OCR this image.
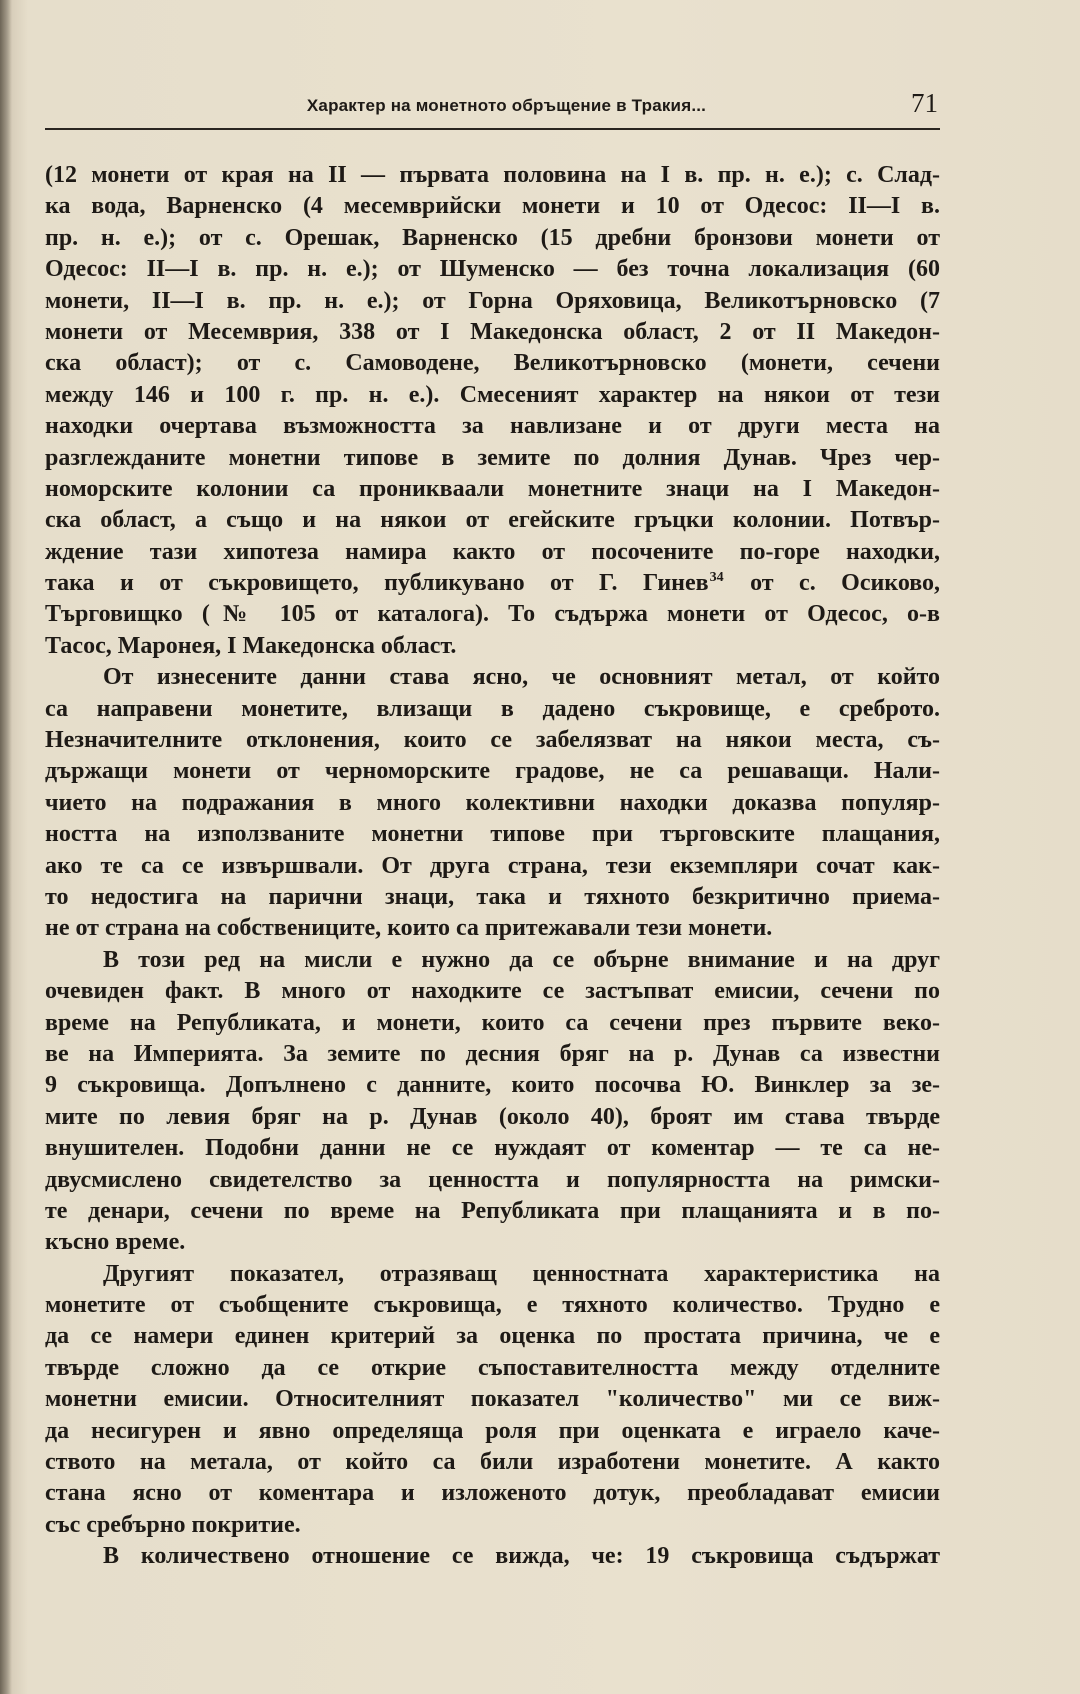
Характер на монетното обръщение в Тракия...	71
(12 монети от края на II — първата половина на I в. пр. н. е.); с. Слад-
ка вода, Варненско (4 месемврийски монети и 10 от Одесос: II—I в.
пр. н. е.); от с. Орешак, Варненско (15 дребни бронзови монети от
Одесос: II—I в. пр. н. е.); от Шуменско — без точна локализация (60
монети, II—I в. пр. н. е.); от Горна Оряховица, Великотърновско (7
монети от Месемврия, 338 от I Македонска област, 2 от II Македон-
ска област); от с. Самоводене, Великотърновско (монети, сечени
между 146 и 100 г. пр. н. е.). Смесеният характер на някои от тези
находки очертава възможността за навлизане и от други места на
разглежданите монетни типове в земите по долния Дунав. Чрез чер-
номорските колонии са проникваали монетните знаци на I Македон-
ска област, а също и на някои от егейските гръцки колонии. Потвър-
ждение тази хипотеза намира както от посочените по-горе находки,
така и от съкровището, публикувано от Г. Гинев$^{34}$ от с. Осиково,
Търговищко (№ 105 от каталога). То съдържа монети от Одесос, о-в
Тасос, Маронея, I Македонска област.
От изнесените данни става ясно, че основният метал, от който
са направени монетите, влизащи в дадено съкровище, е среброто.
Незначителните отклонения, които се забелязват на някои места, съ-
държащи монети от черноморските градове, не са решаващи. Нали-
чието на подражания в много колективни находки доказва популяр-
ността на използваните монетни типове при търговските плащания,
ако те са се извършвали. От друга страна, тези екземпляри сочат как-
то недостига на парични знаци, така и тяхното безкритично приема-
не от страна на собствениците, които са притежавали тези монети.
В този ред на мисли е нужно да се обърне внимание и на друг
очевиден факт. В много от находките се застъпват емисии, сечени по
време на Републиката, и монети, които са сечени през първите веко-
ве на Империята. За земите по десния бряг на р. Дунав са известни
9 съкровища. Допълнено с данните, които посочва Ю. Винклер за зе-
мите по левия бряг на р. Дунав (около 40), броят им става твърде
внушителен. Подобни данни не се нуждаят от коментар — те са не-
двусмислено свидетелство за ценността и популярността на римски-
те денари, сечени по време на Републиката при плащанията и в по-
късно време.
Другият показател, отразяващ ценностната характеристика на
монетите от съобщените съкровища, е тяхното количество. Трудно е
да се намери единен критерий за оценка по простата причина, че е
твърде сложно да се открие съпоставителността между отделните
монетни емисии. Относителният показател "количество" ми се виж-
да несигурен и явно определяща роля при оценката е играело каче-
ството на метала, от който са били изработени монетите. А както
стана ясно от коментара и изложеното дотук, преобладават емисии
със сребърно покритие.
В количествено отношение се вижда, че: 19 съкровища съдържат
